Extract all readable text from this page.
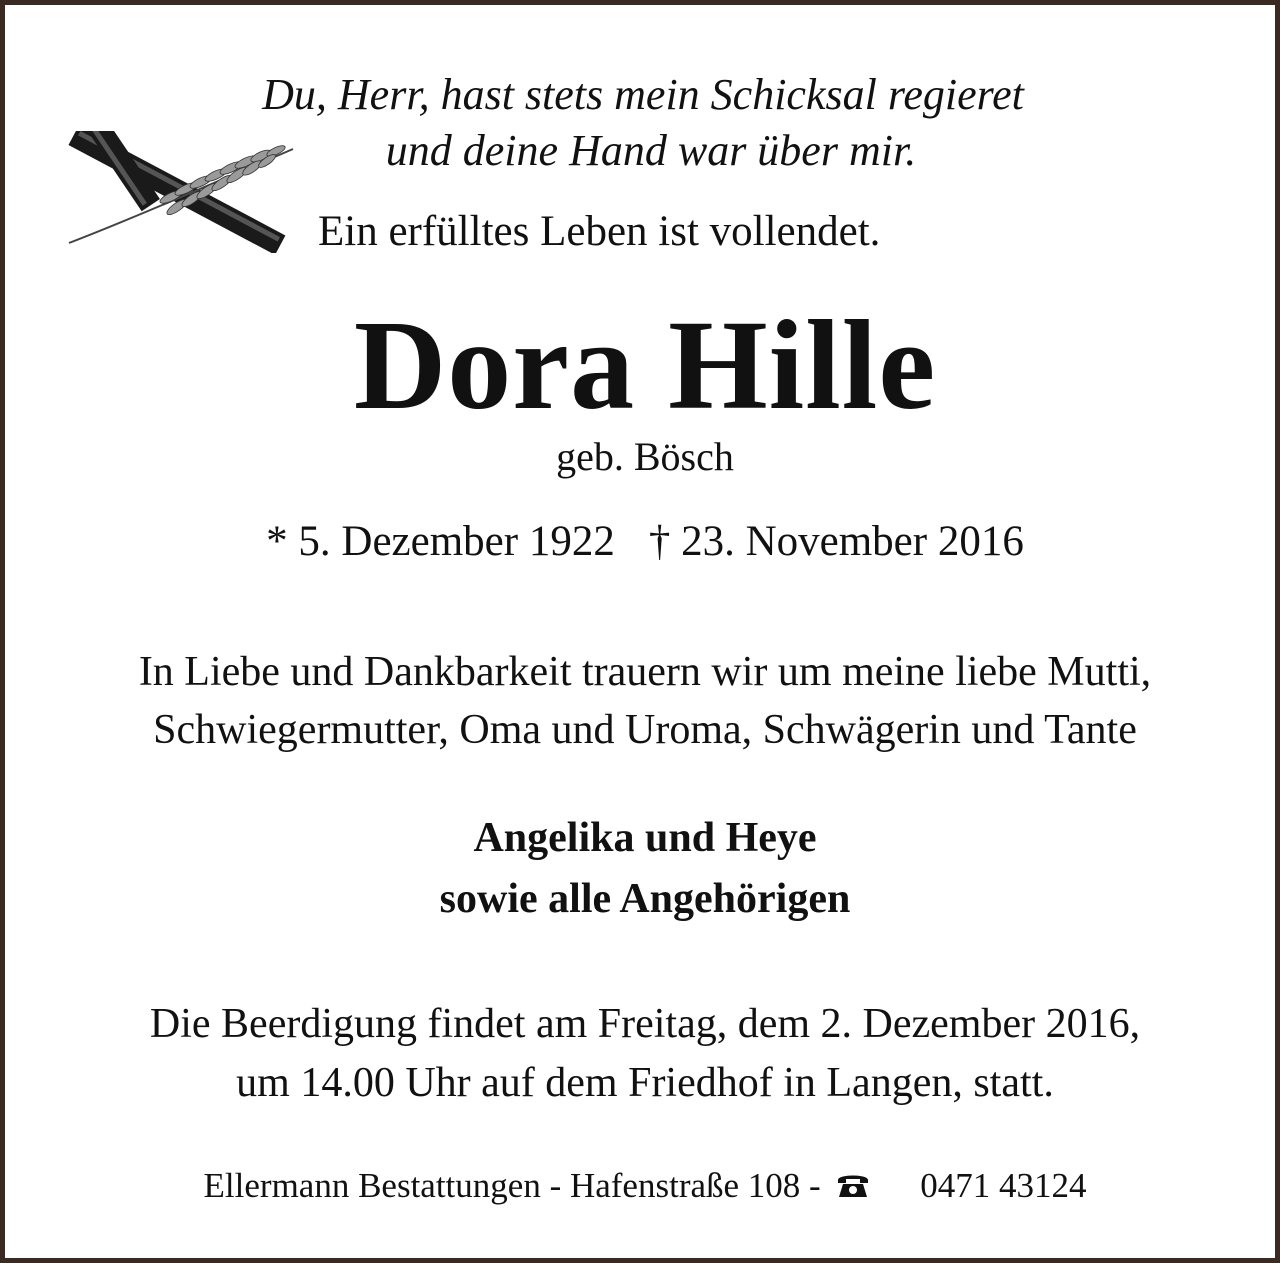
Du, Herr, hast stets mein Schicksal regieret
und deine Hand war über mir.
Ein erfülltes Leben ist vollendet.
Dora Hille
geb. Bösch
* 5. Dezember 1922 † 23. November 2016
In Liebe und Dankbarkeit trauern wir um meine liebe Mutti,
Schwiegermutter, Oma und Uroma, Schwägerin und Tante
Angelika und Heye
sowie alle Angehörigen
Die Beerdigung findet am Freitag, dem 2. Dezember 2016,
um 14.00 Uhr auf dem Friedhof in Langen, statt.
Ellermann Bestattungen - Hafenstraße 108 -	0471 43124
